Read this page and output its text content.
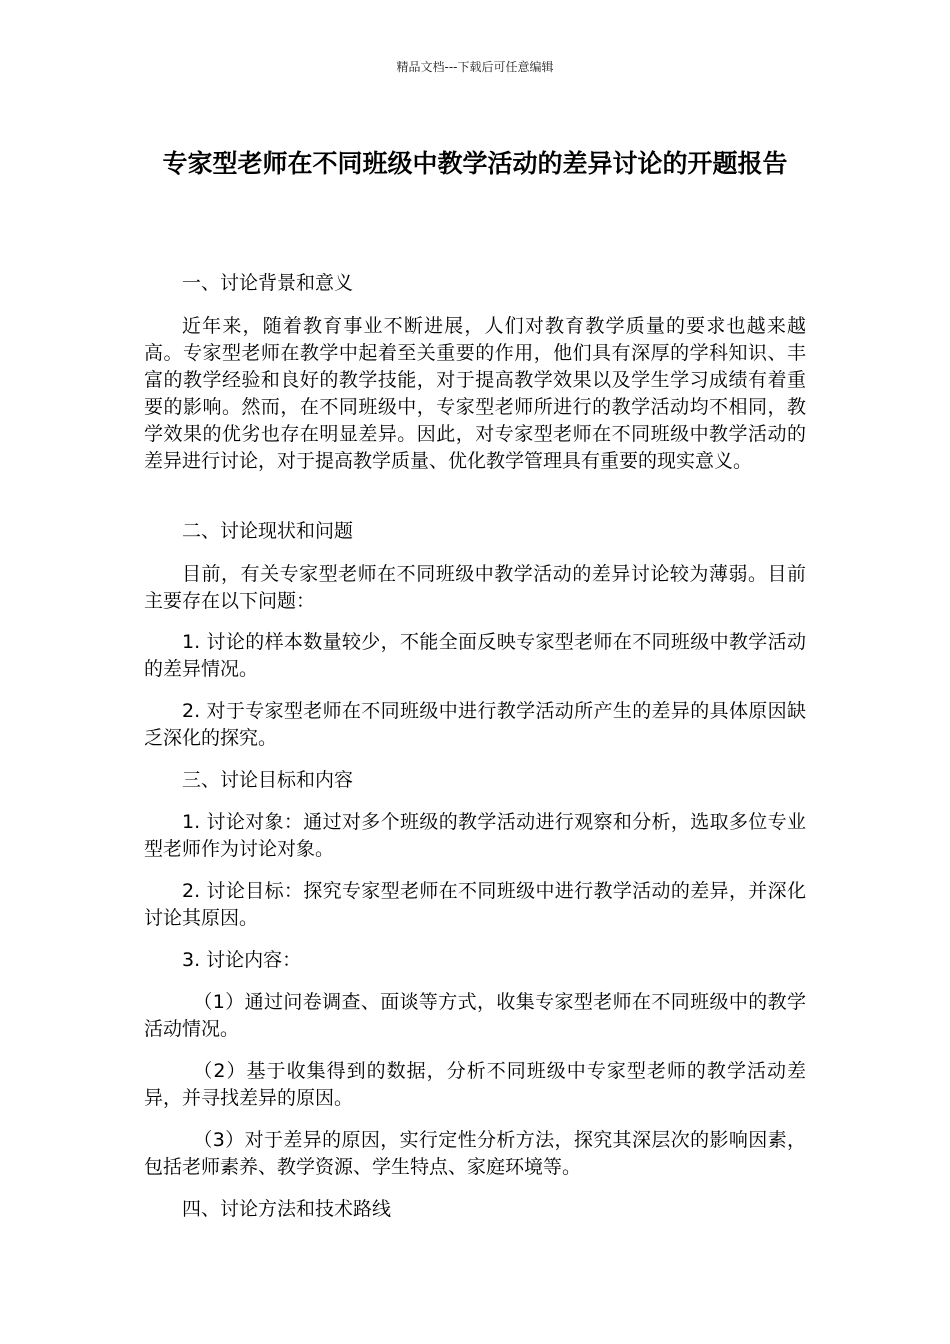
精品文档---下载后可任意编辑
专家型老师在不同班级中教学活动的差异讨论的开题报告

一、讨论背景和意义

近年来，随着教育事业不断进展，人们对教育教学质量的要求也越来越高。专家型老师在教学中起着至关重要的作用，他们具有深厚的学科知识、丰富的教学经验和良好的教学技能，对于提高教学效果以及学生学习成绩有着重要的影响。然而，在不同班级中，专家型老师所进行的教学活动均不相同，教学效果的优劣也存在明显差异。因此，对专家型老师在不同班级中教学活动的差异进行讨论，对于提高教学质量、优化教学管理具有重要的现实意义。

二、讨论现状和问题

目前，有关专家型老师在不同班级中教学活动的差异讨论较为薄弱。目前主要存在以下问题：

1. 讨论的样本数量较少，不能全面反映专家型老师在不同班级中教学活动的差异情况。

2. 对于专家型老师在不同班级中进行教学活动所产生的差异的具体原因缺乏深化的探究。

三、讨论目标和内容

1. 讨论对象：通过对多个班级的教学活动进行观察和分析，选取多位专业型老师作为讨论对象。

2. 讨论目标：探究专家型老师在不同班级中进行教学活动的差异，并深化讨论其原因。

3. 讨论内容：

（1）通过问卷调查、面谈等方式，收集专家型老师在不同班级中的教学活动情况。

（2）基于收集得到的数据，分析不同班级中专家型老师的教学活动差异，并寻找差异的原因。

（3）对于差异的原因，实行定性分析方法，探究其深层次的影响因素，包括老师素养、教学资源、学生特点、家庭环境等。

四、讨论方法和技术路线
